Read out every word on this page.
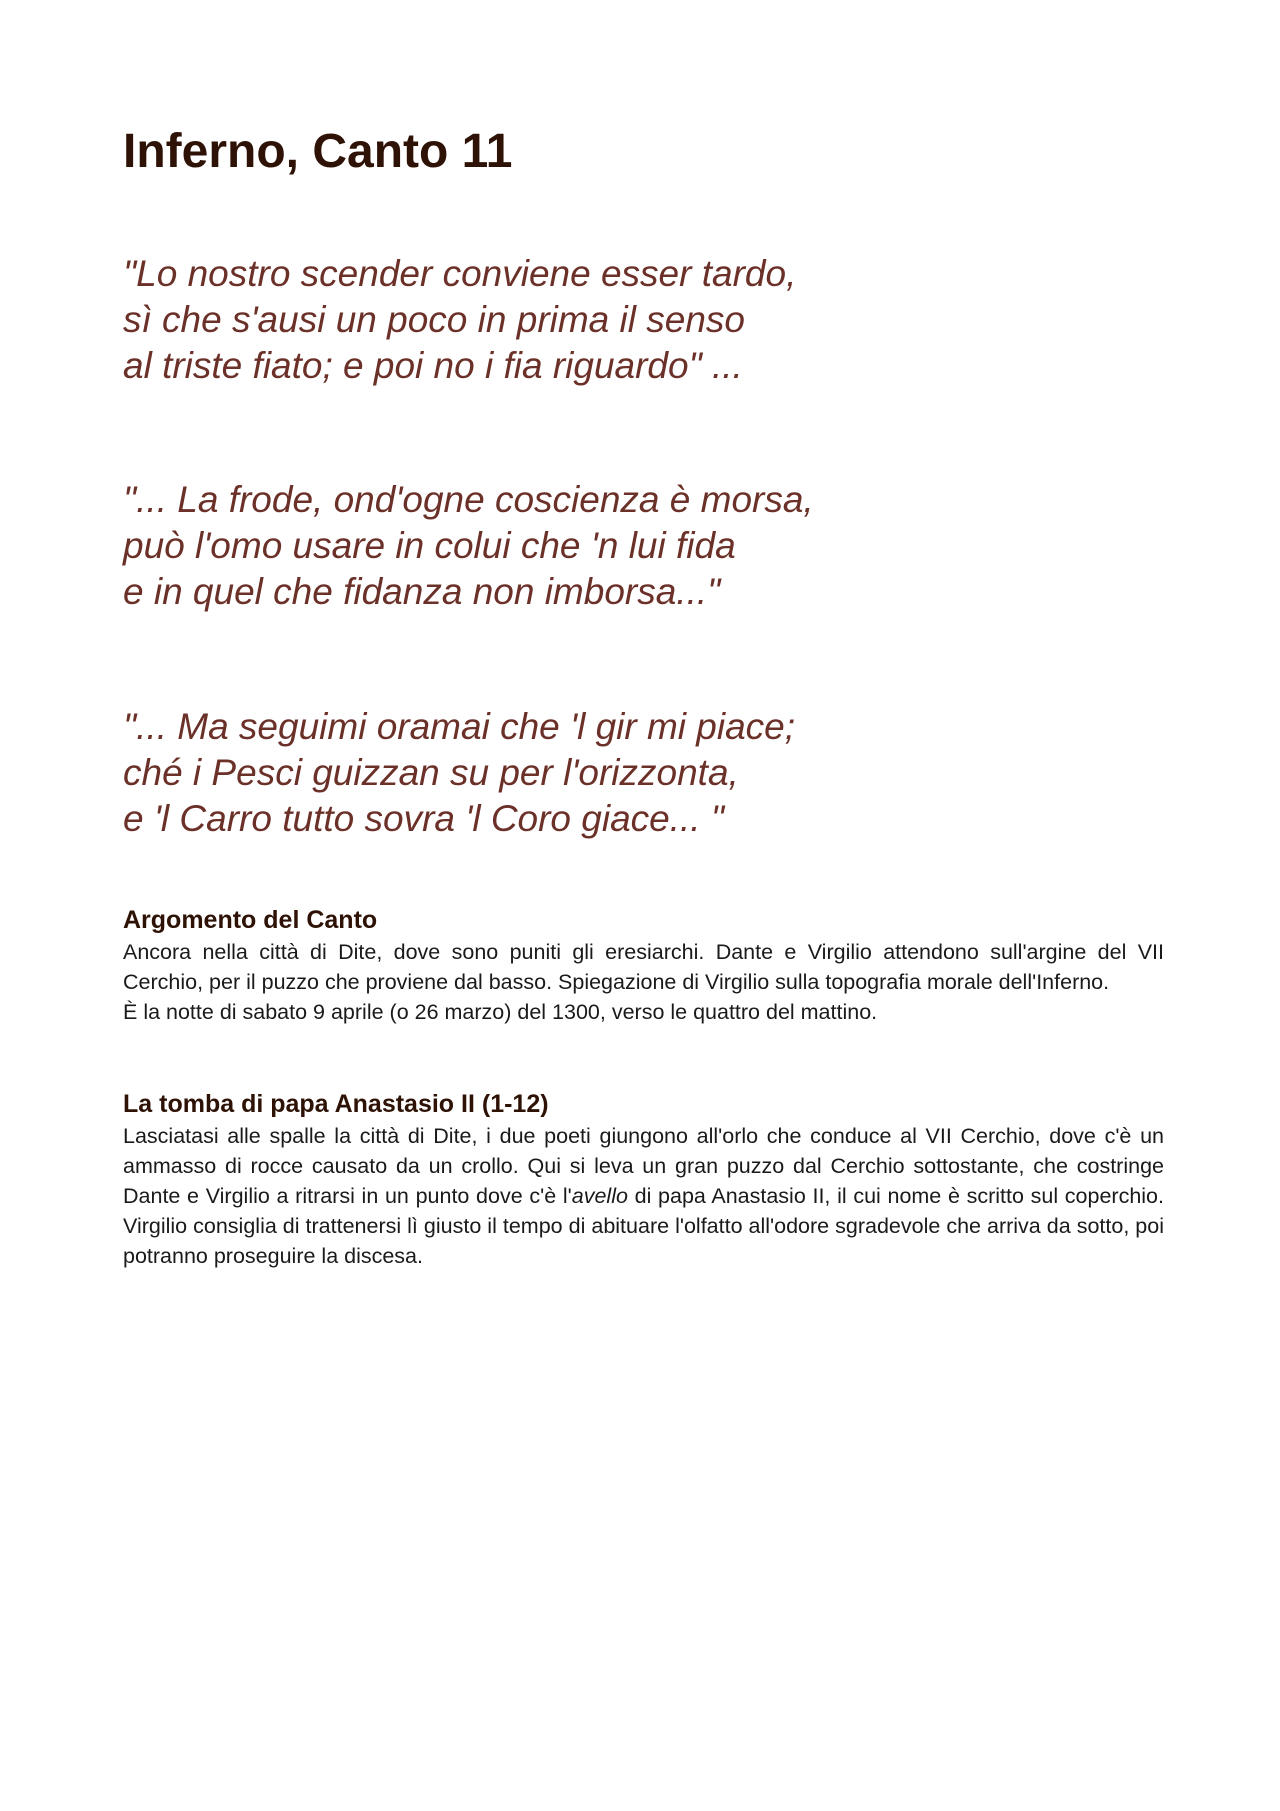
Inferno, Canto 11

"Lo nostro scender conviene esser tardo,
sì che s'ausi un poco in prima il senso
al triste fiato; e poi no i fia riguardo" ...

"... La frode, ond'ogne coscienza è morsa,
può l'omo usare in colui che 'n lui fida
e in quel che fidanza non imborsa..."

"... Ma seguimi oramai che 'l gir mi piace;
ché i Pesci guizzan su per l'orizzonta,
e 'l Carro tutto sovra 'l Coro giace... "

Argomento del Canto

Ancora nella città di Dite, dove sono puniti gli eresiarchi. Dante e Virgilio attendono sull'argine del VII Cerchio, per il puzzo che proviene dal basso. Spiegazione di Virgilio sulla topografia morale dell'Inferno.

È la notte di sabato 9 aprile (o 26 marzo) del 1300, verso le quattro del mattino.

La tomba di papa Anastasio II (1-12)

Lasciatasi alle spalle la città di Dite, i due poeti giungono all'orlo che conduce al VII Cerchio, dove c'è un ammasso di rocce causato da un crollo. Qui si leva un gran puzzo dal Cerchio sottostante, che costringe Dante e Virgilio a ritrarsi in un punto dove c'è l'avello di papa Anastasio II, il cui nome è scritto sul coperchio. Virgilio consiglia di trattenersi lì giusto il tempo di abituare l'olfatto all'odore sgradevole che arriva da sotto, poi potranno proseguire la discesa.
